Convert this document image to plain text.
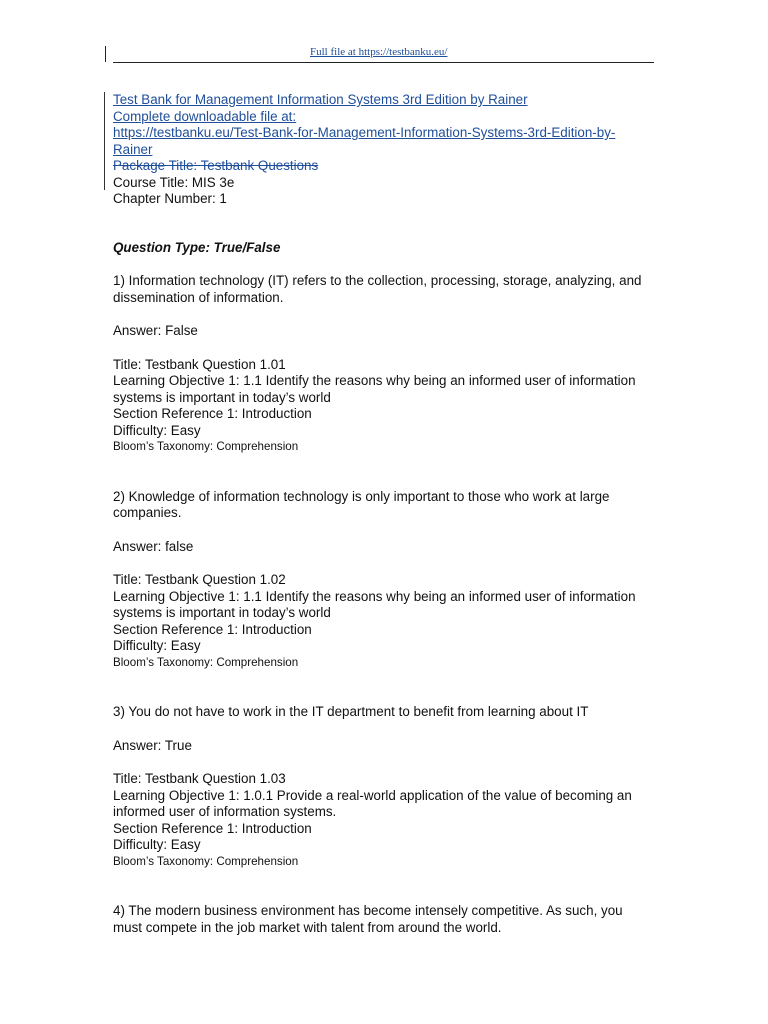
Full file at https://testbanku.eu/
Test Bank for Management Information Systems 3rd Edition by Rainer
Complete downloadable file at:
https://testbanku.eu/Test-Bank-for-Management-Information-Systems-3rd-Edition-by-
Rainer
Package Title: Testbank Questions
Course Title: MIS 3e
Chapter Number: 1
Question Type: True/False
1) Information technology (IT) refers to the collection, processing, storage, analyzing, and dissemination of information.
Answer: False
Title: Testbank Question 1.01
Learning Objective 1: 1.1 Identify the reasons why being an informed user of information systems is important in today’s world
Section Reference 1: Introduction
Difficulty: Easy
Bloom’s Taxonomy: Comprehension
2) Knowledge of information technology is only important to those who work at large companies.
Answer: false
Title: Testbank Question 1.02
Learning Objective 1: 1.1 Identify the reasons why being an informed user of information systems is important in today’s world
Section Reference 1: Introduction
Difficulty: Easy
Bloom’s Taxonomy: Comprehension
3) You do not have to work in the IT department to benefit from learning about IT
Answer: True
Title: Testbank Question 1.03
Learning Objective 1: 1.0.1 Provide a real-world application of the value of becoming an informed user of information systems.
Section Reference 1: Introduction
Difficulty: Easy
Bloom’s Taxonomy: Comprehension
4) The modern business environment has become intensely competitive. As such, you must compete in the job market with talent from around the world.
